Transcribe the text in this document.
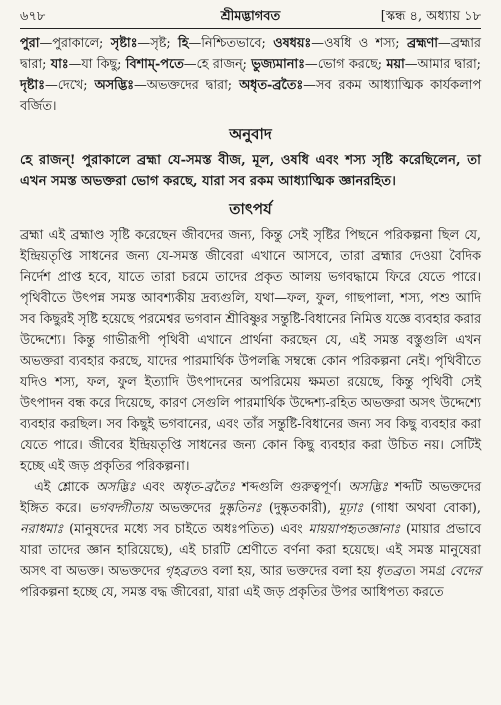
৬৭৮	শ্রীমদ্ভাগবত	[স্কন্ধ ৪, অধ্যায় ১৮

পুরা—পুরাকালে; সৃষ্টাঃ—সৃষ্ট; হি—নিশ্চিতভাবে; ওষধয়ঃ—ওষধি ও শস্য; ব্রহ্মণা—ব্রহ্মার দ্বারা; যাঃ—যা কিছু; বিশাম্-পতে—হে রাজন্; ভুজ্যমানাঃ—ভোগ করছে; ময়া—আমার দ্বারা; দৃষ্টাঃ—দেখে; অসদ্ভিঃ—অভক্তদের দ্বারা; অধৃত-ব্রতৈঃ—সব রকম আধ্যাত্মিক কার্যকলাপ বর্জিত।

অনুবাদ

হে রাজন্! পুরাকালে ব্রহ্মা যে-সমস্ত বীজ, মূল, ওষধি এবং শস্য সৃষ্টি করেছিলেন, তা এখন সমস্ত অভক্তরা ভোগ করছে, যারা সব রকম আধ্যাত্মিক জ্ঞানরহিত।

তাৎপর্য

ব্রহ্মা এই ব্রহ্মাণ্ড সৃষ্টি করেছেন জীবদের জন্য, কিন্তু সেই সৃষ্টির পিছনে পরিকল্পনা ছিল যে, ইন্দ্রিয়তৃপ্তি সাধনের জন্য যে-সমস্ত জীবেরা এখানে আসবে, তারা ব্রহ্মার দেওয়া বৈদিক নির্দেশ প্রাপ্ত হবে, যাতে তারা চরমে তাদের প্রকৃত আলয় ভগবদ্ধামে ফিরে যেতে পারে। পৃথিবীতে উৎপন্ন সমস্ত আবশ্যকীয় দ্রব্যগুলি, যথা—ফল, ফুল, গাছপালা, শস্য, পশু আদি সব কিছুরই সৃষ্টি হয়েছে পরমেশ্বর ভগবান শ্রীবিষ্ণুর সন্তুষ্টি-বিধানের নিমিত্ত যজ্ঞে ব্যবহার করার উদ্দেশ্যে। কিন্তু গাভীরূপী পৃথিবী এখানে প্রার্থনা করছেন যে, এই সমস্ত বস্তুগুলি এখন অভক্তরা ব্যবহার করছে, যাদের পারমার্থিক উপলব্ধি সম্বন্ধে কোন পরিকল্পনা নেই। পৃথিবীতে যদিও শস্য, ফল, ফুল ইত্যাদি উৎপাদনের অপরিমেয় ক্ষমতা রয়েছে, কিন্তু পৃথিবী সেই উৎপাদন বন্ধ করে দিয়েছে, কারণ সেগুলি পারমার্থিক উদ্দেশ্য-রহিত অভক্তরা অসৎ উদ্দেশ্যে ব্যবহার করছিল। সব কিছুই ভগবানের, এবং তাঁর সন্তুষ্টি-বিধানের জন্য সব কিছু ব্যবহার করা যেতে পারে। জীবের ইন্দ্রিয়তৃপ্তি সাধনের জন্য কোন কিছু ব্যবহার করা উচিত নয়। সেটিই হচ্ছে এই জড় প্রকৃতির পরিকল্পনা।

এই শ্লোকে অসদ্ভিঃ এবং অধৃত-ব্রতৈঃ শব্দগুলি গুরুত্বপূর্ণ। অসদ্ভিঃ শব্দটি অভক্তদের ইঙ্গিত করে। ভগবদ্গীতায় অভক্তদের দুষ্কৃতিনঃ (দুষ্কৃতকারী), মূঢ়াঃ (গাধা অথবা বোকা), নরাধমাঃ (মানুষদের মধ্যে সব চাইতে অধঃপতিত) এবং মায়য়াপহৃতজ্ঞানাঃ (মায়ার প্রভাবে যারা তাদের জ্ঞান হারিয়েছে), এই চারটি শ্রেণীতে বর্ণনা করা হয়েছে। এই সমস্ত মানুষেরা অসৎ বা অভক্ত। অভক্তদের গৃহব্রতও বলা হয়, আর ভক্তদের বলা হয় ধৃতব্রত। সমগ্র বেদের পরিকল্পনা হচ্ছে যে, সমস্ত বদ্ধ জীবেরা, যারা এই জড় প্রকৃতির উপর আধিপত্য করতে
